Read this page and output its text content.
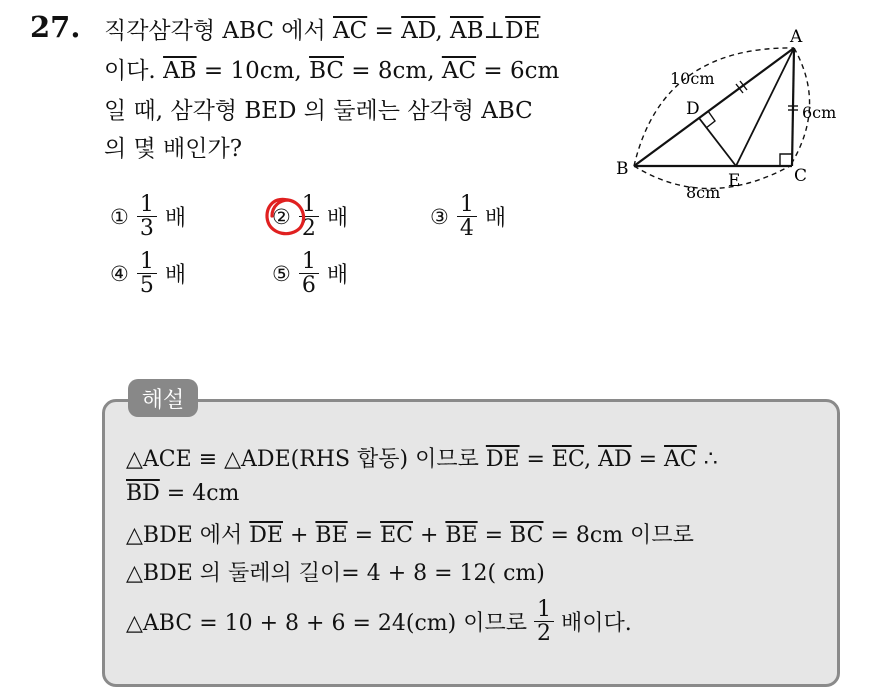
27. 직각삼각형 ABC 에서 $\overline{AC} = \overline{AD}$, $\overline{AB}\perp\overline{DE}$
이다. $\overline{AB} = 10cm$, $\overline{BC} = 8cm$, $\overline{AC} = 6cm$
일 때, 삼각형 BED 의 둘레는 삼각형 ABC
의 몇 배인가?
A
B	C
D
E
10cm
6cm
8cm
① $\frac{1}{3}$ 배	② $\frac{1}{2}$ 배	③ $\frac{1}{4}$ 배
④ $\frac{1}{5}$ 배	⑤ $\frac{1}{6}$ 배
해설
△ACE ≡ △ADE(RHS 합동) 이므로 $\overline{DE} = \overline{EC}$, $\overline{AD} = \overline{AC}$ ∴
$\overline{BD} = 4cm$
△BDE 에서 $\overline{DE} + \overline{BE} = \overline{EC} + \overline{BE} = \overline{BC} = 8cm$ 이므로
△BDE 의 둘레의 길이= 4 + 8 = 12( cm)
△ABC = 10 + 8 + 6 = 24(cm) 이므로 $\frac{1}{2}$ 배이다.
